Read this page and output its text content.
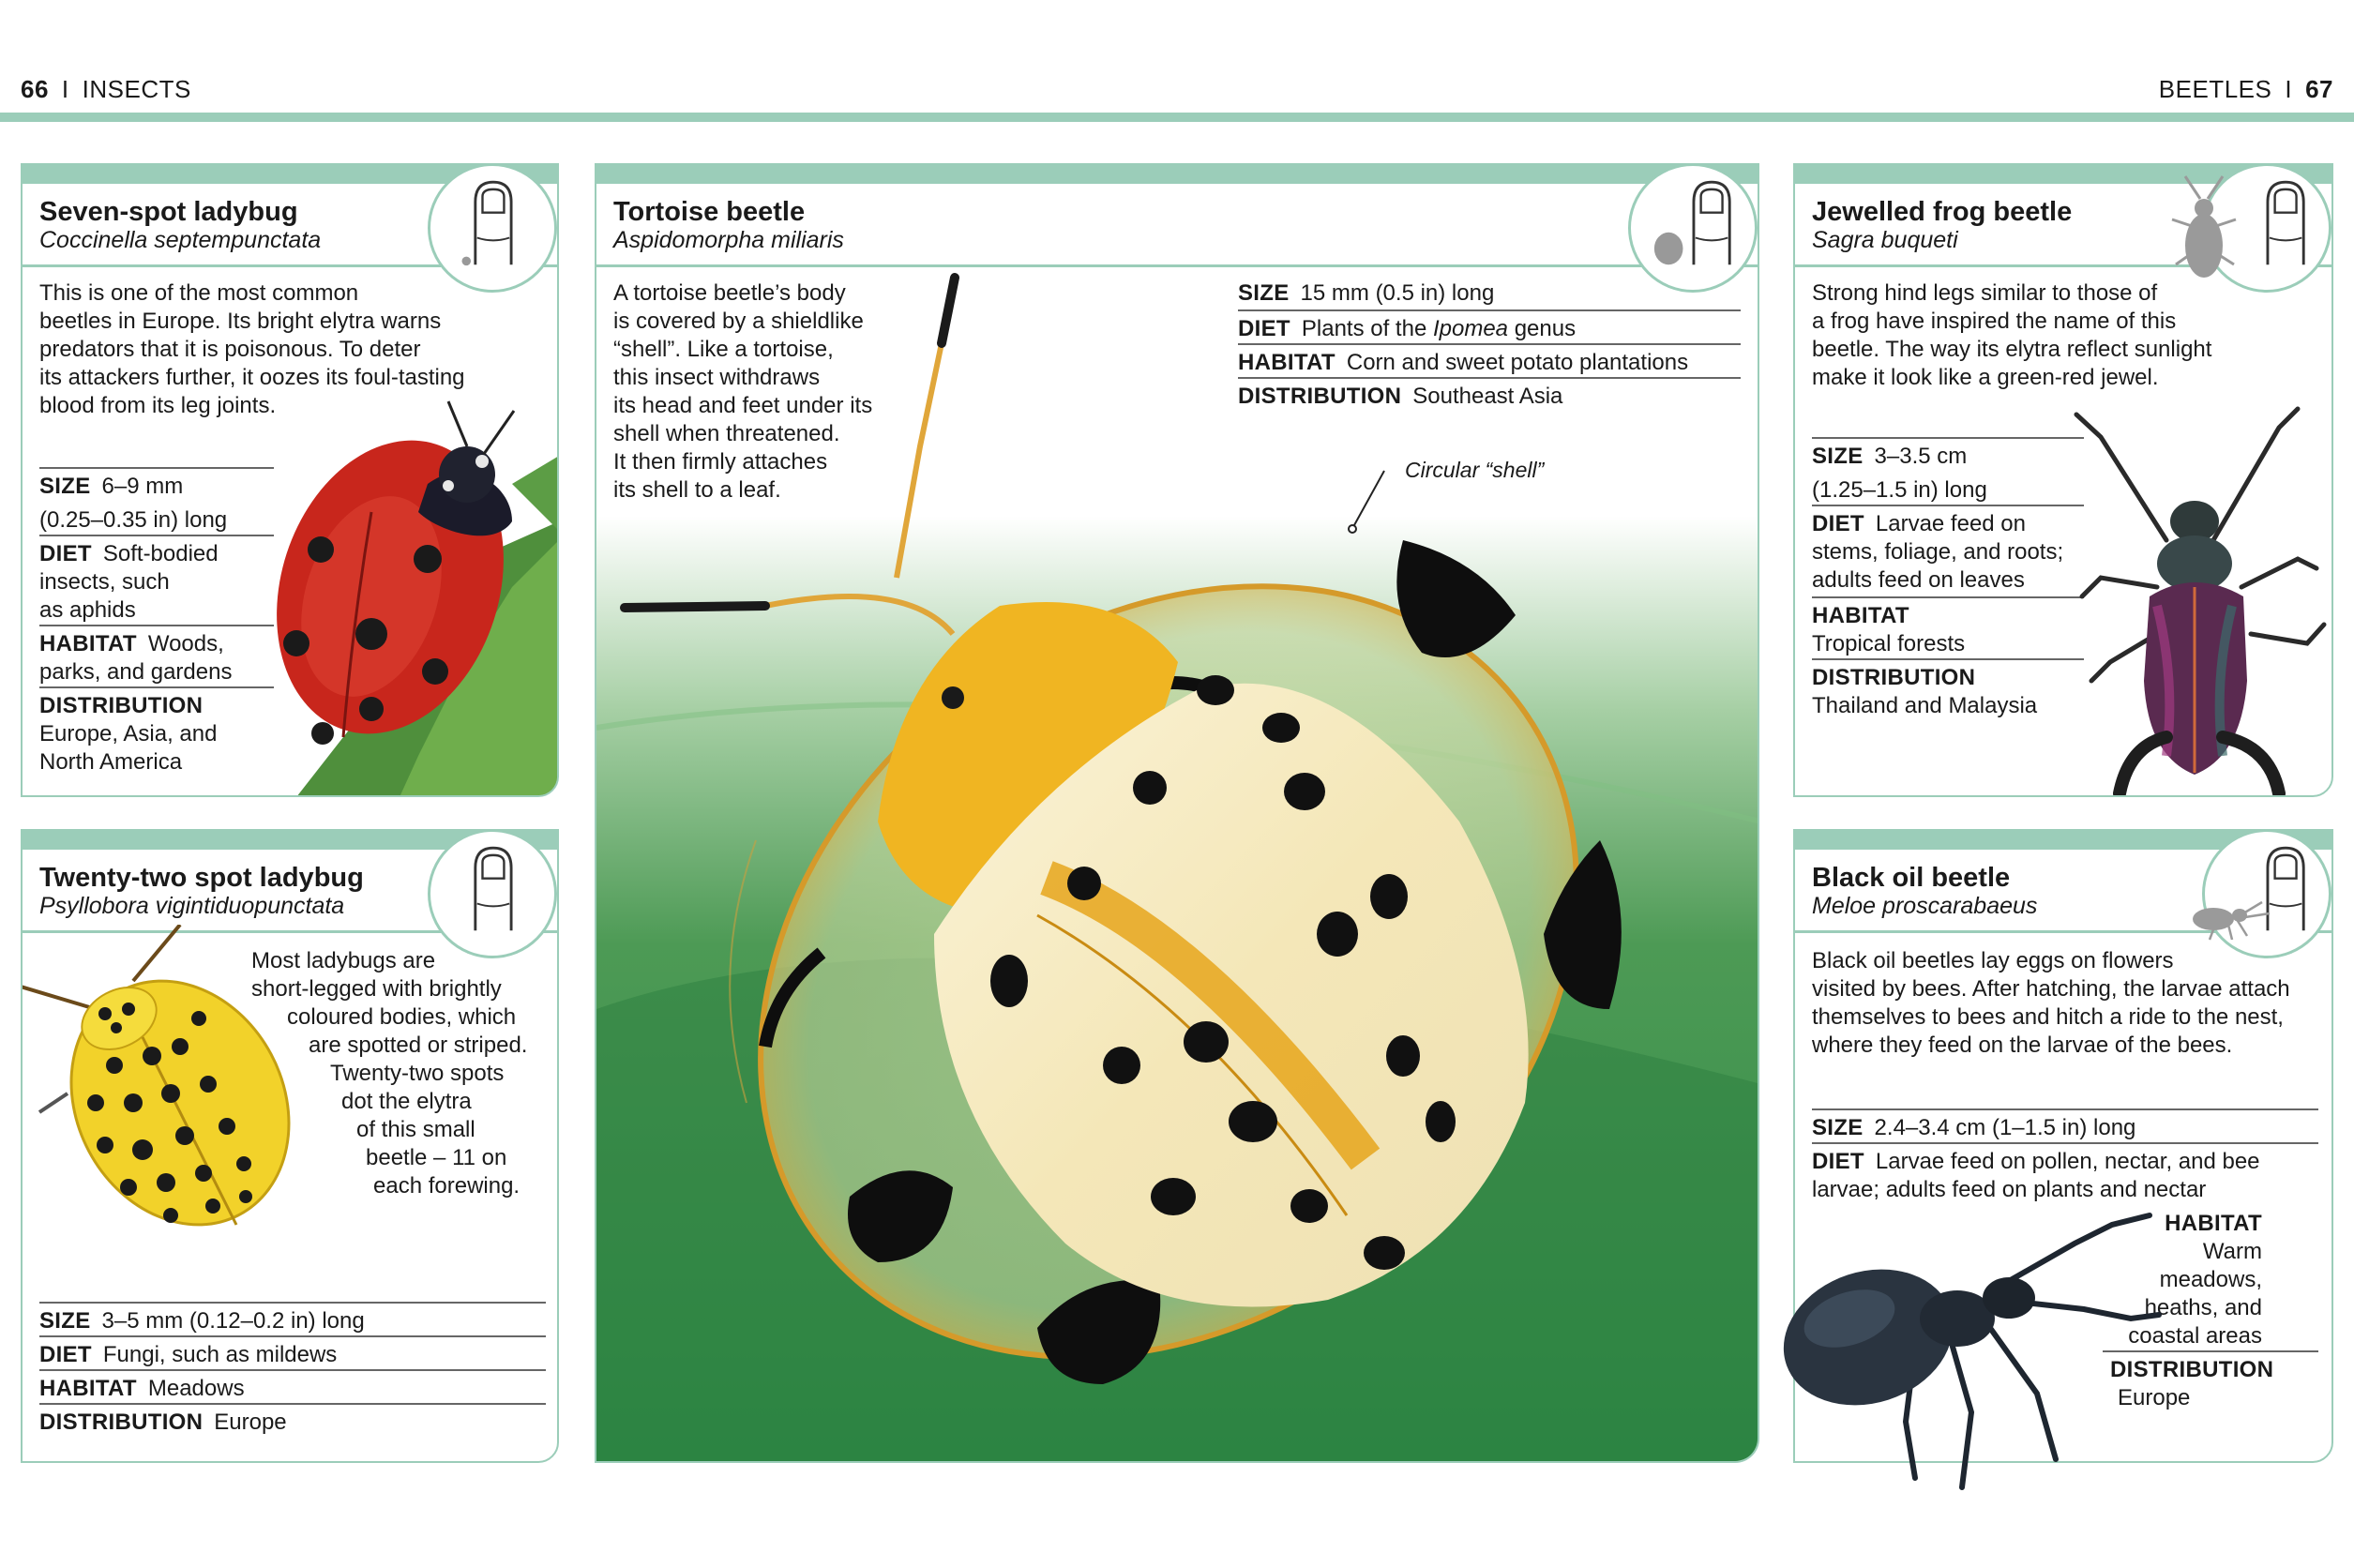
66 I INSECTS	BEETLES I 67
Seven-spot ladybug
Coccinella septempunctata
This is one of the most common
beetles in Europe. Its bright elytra warns
predators that it is poisonous. To deter
its attackers further, it oozes its foul-tasting
blood from its leg joints.
SIZE 6–9 mm
(0.25–0.35 in) long
DIET Soft-bodied
insects, such
as aphids
HABITAT Woods,
parks, and gardens
DISTRIBUTION
Europe, Asia, and
North America
Twenty-two spot ladybug
Psyllobora vigintiduopunctata
Most ladybugs are
short-legged with brightly
coloured bodies, which
are spotted or striped.
Twenty-two spots
dot the elytra
of this small
beetle – 11 on
each forewing.
SIZE 3–5 mm (0.12–0.2 in) long
DIET Fungi, such as mildews
HABITAT Meadows
DISTRIBUTION Europe
Tortoise beetle
Aspidomorpha miliaris
A tortoise beetle’s body
is covered by a shieldlike
“shell”. Like a tortoise,
this insect withdraws
its head and feet under its
shell when threatened.
It then firmly attaches
its shell to a leaf.
SIZE 15 mm (0.5 in) long
DIET Plants of the Ipomea genus
HABITAT Corn and sweet potato plantations
DISTRIBUTION Southeast Asia
Circular “shell”
Jewelled frog beetle
Sagra buqueti
Strong hind legs similar to those of
a frog have inspired the name of this
beetle. The way its elytra reflect sunlight
make it look like a green-red jewel.
SIZE 3–3.5 cm
(1.25–1.5 in) long
DIET Larvae feed on
stems, foliage, and roots;
adults feed on leaves
HABITAT
Tropical forests
DISTRIBUTION
Thailand and Malaysia
Black oil beetle
Meloe proscarabaeus
Black oil beetles lay eggs on flowers
visited by bees. After hatching, the larvae attach
themselves to bees and hitch a ride to the nest,
where they feed on the larvae of the bees.
SIZE 2.4–3.4 cm (1–1.5 in) long
DIET Larvae feed on pollen, nectar, and bee
larvae; adults feed on plants and nectar
HABITAT
Warm
meadows,
heaths, and
coastal areas
DISTRIBUTION
Europe
